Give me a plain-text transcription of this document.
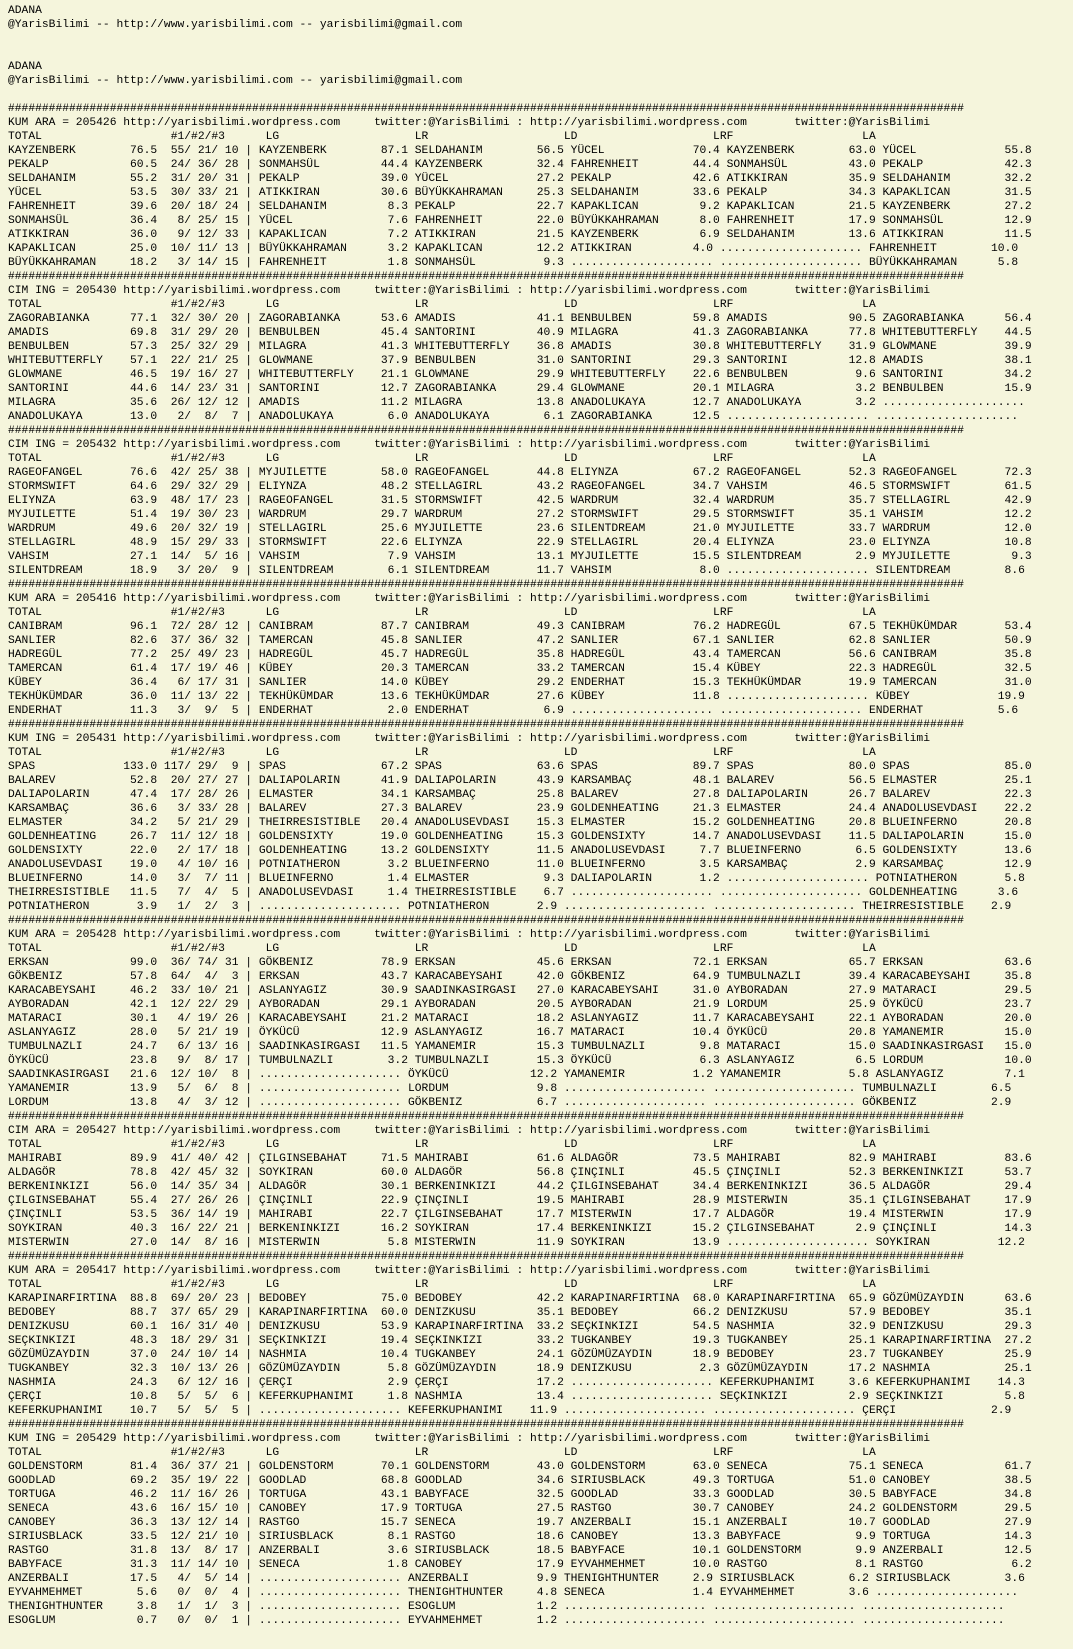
ADANA
@YarisBilimi -- http://www.yarisbilimi.com -- yarisbilimi@gmail.com
ADANA
@YarisBilimi -- http://www.yarisbilimi.com -- yarisbilimi@gmail.com
#############################################################################################################################################
KUM ARA = 205426 http://yarisbilimi.wordpress.com     twitter:@YarisBilimi : http://yarisbilimi.wordpress.com       twitter:@YarisBilimi
TOTAL                   #1/#2/#3      LG                    LR                    LD                    LRF                   LA
KAYZENBERK        76.5  55/ 21/ 10 | KAYZENBERK        87.1 SELDAHANIM        56.5 YÜCEL             70.4 KAYZENBERK        63.0 YÜCEL             55.8
PEKALP            60.5  24/ 36/ 28 | SONMAHSÜL         44.4 KAYZENBERK        32.4 FAHRENHEIT        44.4 SONMAHSÜL         43.0 PEKALP            42.3
SELDAHANIM        55.2  31/ 20/ 31 | PEKALP            39.0 YÜCEL             27.2 PEKALP            42.6 ATIKKIRAN         35.9 SELDAHANIM        32.2
YÜCEL             53.5  30/ 33/ 21 | ATIKKIRAN         30.6 BÜYÜKKAHRAMAN     25.3 SELDAHANIM        33.6 PEKALP            34.3 KAPAKLICAN        31.5
FAHRENHEIT        39.6  20/ 18/ 24 | SELDAHANIM         8.3 PEKALP            22.7 KAPAKLICAN         9.2 KAPAKLICAN        21.5 KAYZENBERK        27.2
SONMAHSÜL         36.4   8/ 25/ 15 | YÜCEL              7.6 FAHRENHEIT        22.0 BÜYÜKKAHRAMAN      8.0 FAHRENHEIT        17.9 SONMAHSÜL         12.9
ATIKKIRAN         36.0   9/ 12/ 33 | KAPAKLICAN         7.2 ATIKKIRAN         21.5 KAYZENBERK         6.9 SELDAHANIM        13.6 ATIKKIRAN         11.5
KAPAKLICAN        25.0  10/ 11/ 13 | BÜYÜKKAHRAMAN      3.2 KAPAKLICAN        12.2 ATIKKIRAN         4.0 ..................... FAHRENHEIT        10.0
BÜYÜKKAHRAMAN     18.2   3/ 14/ 15 | FAHRENHEIT         1.8 SONMAHSÜL          9.3 ..................... ..................... BÜYÜKKAHRAMAN      5.8
#############################################################################################################################################
CIM ING = 205430 http://yarisbilimi.wordpress.com     twitter:@YarisBilimi : http://yarisbilimi.wordpress.com       twitter:@YarisBilimi
TOTAL                   #1/#2/#3      LG                    LR                    LD                    LRF                   LA
ZAGORABIANKA      77.1  32/ 30/ 20 | ZAGORABIANKA      53.6 AMADIS            41.1 BENBULBEN         59.8 AMADIS            90.5 ZAGORABIANKA      56.4
AMADIS            69.8  31/ 29/ 20 | BENBULBEN         45.4 SANTORINI         40.9 MILAGRA           41.3 ZAGORABIANKA      77.8 WHITEBUTTERFLY    44.5
BENBULBEN         57.3  25/ 32/ 29 | MILAGRA           41.3 WHITEBUTTERFLY    36.8 AMADIS            30.8 WHITEBUTTERFLY    31.9 GLOWMANE          39.9
WHITEBUTTERFLY    57.1  22/ 21/ 25 | GLOWMANE          37.9 BENBULBEN         31.0 SANTORINI         29.3 SANTORINI         12.8 AMADIS            38.1
GLOWMANE          46.5  19/ 16/ 27 | WHITEBUTTERFLY    21.1 GLOWMANE          29.9 WHITEBUTTERFLY    22.6 BENBULBEN          9.6 SANTORINI         34.2
SANTORINI         44.6  14/ 23/ 31 | SANTORINI         12.7 ZAGORABIANKA      29.4 GLOWMANE          20.1 MILAGRA            3.2 BENBULBEN         15.9
MILAGRA           35.6  26/ 12/ 12 | AMADIS            11.2 MILAGRA           13.8 ANADOLUKAYA       12.7 ANADOLUKAYA        3.2 .....................
ANADOLUKAYA       13.0   2/  8/  7 | ANADOLUKAYA        6.0 ANADOLUKAYA        6.1 ZAGORABIANKA      12.5 ..................... .....................
#############################################################################################################################################
CIM ING = 205432 http://yarisbilimi.wordpress.com     twitter:@YarisBilimi : http://yarisbilimi.wordpress.com       twitter:@YarisBilimi
TOTAL                   #1/#2/#3      LG                    LR                    LD                    LRF                   LA
RAGEOFANGEL       76.6  42/ 25/ 38 | MYJUILETTE        58.0 RAGEOFANGEL       44.8 ELIYNZA           67.2 RAGEOFANGEL       52.3 RAGEOFANGEL       72.3
STORMSWIFT        64.6  29/ 32/ 29 | ELIYNZA           48.2 STELLAGIRL        43.2 RAGEOFANGEL       34.7 VAHSIM            46.5 STORMSWIFT        61.5
ELIYNZA           63.9  48/ 17/ 23 | RAGEOFANGEL       31.5 STORMSWIFT        42.5 WARDRUM           32.4 WARDRUM           35.7 STELLAGIRL        42.9
MYJUILETTE        51.4  19/ 30/ 23 | WARDRUM           29.7 WARDRUM           27.2 STORMSWIFT        29.5 STORMSWIFT        35.1 VAHSIM            12.2
WARDRUM           49.6  20/ 32/ 19 | STELLAGIRL        25.6 MYJUILETTE        23.6 SILENTDREAM       21.0 MYJUILETTE        33.7 WARDRUM           12.0
STELLAGIRL        48.9  15/ 29/ 33 | STORMSWIFT        22.6 ELIYNZA           22.9 STELLAGIRL        20.4 ELIYNZA           23.0 ELIYNZA           10.8
VAHSIM            27.1  14/  5/ 16 | VAHSIM             7.9 VAHSIM            13.1 MYJUILETTE        15.5 SILENTDREAM        2.9 MYJUILETTE         9.3
SILENTDREAM       18.9   3/ 20/  9 | SILENTDREAM        6.1 SILENTDREAM       11.7 VAHSIM             8.0 ..................... SILENTDREAM        8.6
#############################################################################################################################################
KUM ARA = 205416 http://yarisbilimi.wordpress.com     twitter:@YarisBilimi : http://yarisbilimi.wordpress.com       twitter:@YarisBilimi
TOTAL                   #1/#2/#3      LG                    LR                    LD                    LRF                   LA
CANIBRAM          96.1  72/ 28/ 12 | CANIBRAM          87.7 CANIBRAM          49.3 CANIBRAM          76.2 HADREGÜL          67.5 TEKHÜKÜMDAR       53.4
SANLIER           82.6  37/ 36/ 32 | TAMERCAN          45.8 SANLIER           47.2 SANLIER           67.1 SANLIER           62.8 SANLIER           50.9
HADREGÜL          77.2  25/ 49/ 23 | HADREGÜL          45.7 HADREGÜL          35.8 HADREGÜL          43.4 TAMERCAN          56.6 CANIBRAM          35.8
TAMERCAN          61.4  17/ 19/ 46 | KÜBEY             20.3 TAMERCAN          33.2 TAMERCAN          15.4 KÜBEY             22.3 HADREGÜL          32.5
KÜBEY             36.4   6/ 17/ 31 | SANLIER           14.0 KÜBEY             29.2 ENDERHAT          15.3 TEKHÜKÜMDAR       19.9 TAMERCAN          31.0
TEKHÜKÜMDAR       36.0  11/ 13/ 22 | TEKHÜKÜMDAR       13.6 TEKHÜKÜMDAR       27.6 KÜBEY             11.8 ..................... KÜBEY             19.9
ENDERHAT          11.3   3/  9/  5 | ENDERHAT           2.0 ENDERHAT           6.9 ..................... ..................... ENDERHAT           5.6
#############################################################################################################################################
KUM ING = 205431 http://yarisbilimi.wordpress.com     twitter:@YarisBilimi : http://yarisbilimi.wordpress.com       twitter:@YarisBilimi
TOTAL                   #1/#2/#3      LG                    LR                    LD                    LRF                   LA
SPAS             133.0 117/ 29/  9 | SPAS              67.2 SPAS              63.6 SPAS              89.7 SPAS              80.0 SPAS              85.0
BALAREV           52.8  20/ 27/ 27 | DALIAPOLARIN      41.9 DALIAPOLARIN      43.9 KARSAMBAÇ         48.1 BALAREV           56.5 ELMASTER          25.1
DALIAPOLARIN      47.4  17/ 28/ 26 | ELMASTER          34.1 KARSAMBAÇ         25.8 BALAREV           27.8 DALIAPOLARIN      26.7 BALAREV           22.3
KARSAMBAÇ         36.6   3/ 33/ 28 | BALAREV           27.3 BALAREV           23.9 GOLDENHEATING     21.3 ELMASTER          24.4 ANADOLUSEVDASI    22.2
ELMASTER          34.2   5/ 21/ 29 | THEIRRESISTIBLE   20.4 ANADOLUSEVDASI    15.3 ELMASTER          15.2 GOLDENHEATING     20.8 BLUEINFERNO       20.8
GOLDENHEATING     26.7  11/ 12/ 18 | GOLDENSIXTY       19.0 GOLDENHEATING     15.3 GOLDENSIXTY       14.7 ANADOLUSEVDASI    11.5 DALIAPOLARIN      15.0
GOLDENSIXTY       22.0   2/ 17/ 18 | GOLDENHEATING     13.2 GOLDENSIXTY       11.5 ANADOLUSEVDASI     7.7 BLUEINFERNO        6.5 GOLDENSIXTY       13.6
ANADOLUSEVDASI    19.0   4/ 10/ 16 | POTNIATHERON       3.2 BLUEINFERNO       11.0 BLUEINFERNO        3.5 KARSAMBAÇ          2.9 KARSAMBAÇ         12.9
BLUEINFERNO       14.0   3/  7/ 11 | BLUEINFERNO        1.4 ELMASTER           9.3 DALIAPOLARIN       1.2 ..................... POTNIATHERON       5.8
THEIRRESISTIBLE   11.5   7/  4/  5 | ANADOLUSEVDASI     1.4 THEIRRESISTIBLE    6.7 ..................... ..................... GOLDENHEATING      3.6
POTNIATHERON       3.9   1/  2/  3 | ..................... POTNIATHERON       2.9 ..................... ..................... THEIRRESISTIBLE    2.9
#############################################################################################################################################
KUM ARA = 205428 http://yarisbilimi.wordpress.com     twitter:@YarisBilimi : http://yarisbilimi.wordpress.com       twitter:@YarisBilimi
TOTAL                   #1/#2/#3      LG                    LR                    LD                    LRF                   LA
ERKSAN            99.0  36/ 74/ 31 | GÖKBENIZ          78.9 ERKSAN            45.6 ERKSAN            72.1 ERKSAN            65.7 ERKSAN            63.6
GÖKBENIZ          57.8  64/  4/  3 | ERKSAN            43.7 KARACABEYSAHI     42.0 GÖKBENIZ          64.9 TUMBULNAZLI       39.4 KARACABEYSAHI     35.8
KARACABEYSAHI     46.2  33/ 10/ 21 | ASLANYAGIZ        30.9 SAADINKASIRGASI   27.0 KARACABEYSAHI     31.0 AYBORADAN         27.9 MATARACI          29.5
AYBORADAN         42.1  12/ 22/ 29 | AYBORADAN         29.1 AYBORADAN         20.5 AYBORADAN         21.9 LORDUM            25.9 ÖYKÜCÜ            23.7
MATARACI          30.1   4/ 19/ 26 | KARACABEYSAHI     21.2 MATARACI          18.2 ASLANYAGIZ        11.7 KARACABEYSAHI     22.1 AYBORADAN         20.0
ASLANYAGIZ        28.0   5/ 21/ 19 | ÖYKÜCÜ            12.9 ASLANYAGIZ        16.7 MATARACI          10.4 ÖYKÜCÜ            20.8 YAMANEMIR         15.0
TUMBULNAZLI       24.7   6/ 13/ 16 | SAADINKASIRGASI   11.5 YAMANEMIR         15.3 TUMBULNAZLI        9.8 MATARACI          15.0 SAADINKASIRGASI   15.0
ÖYKÜCÜ            23.8   9/  8/ 17 | TUMBULNAZLI        3.2 TUMBULNAZLI       15.3 ÖYKÜCÜ             6.3 ASLANYAGIZ         6.5 LORDUM            10.0
SAADINKASIRGASI   21.6  12/ 10/  8 | ..................... ÖYKÜCÜ            12.2 YAMANEMIR          1.2 YAMANEMIR          5.8 ASLANYAGIZ         7.1
YAMANEMIR         13.9   5/  6/  8 | ..................... LORDUM             9.8 ..................... ..................... TUMBULNAZLI        6.5
LORDUM            13.8   4/  3/ 12 | ..................... GÖKBENIZ           6.7 ..................... ..................... GÖKBENIZ           2.9
#############################################################################################################################################
CIM ARA = 205427 http://yarisbilimi.wordpress.com     twitter:@YarisBilimi : http://yarisbilimi.wordpress.com       twitter:@YarisBilimi
TOTAL                   #1/#2/#3      LG                    LR                    LD                    LRF                   LA
MAHIRABI          89.9  41/ 40/ 42 | ÇILGINSEBAHAT     71.5 MAHIRABI          61.6 ALDAGÖR           73.5 MAHIRABI          82.9 MAHIRABI          83.6
ALDAGÖR           78.8  42/ 45/ 32 | SOYKIRAN          60.0 ALDAGÖR           56.8 ÇINÇINLI          45.5 ÇINÇINLI          52.3 BERKENINKIZI      53.7
BERKENINKIZI      56.0  14/ 35/ 34 | ALDAGÖR           30.1 BERKENINKIZI      44.2 ÇILGINSEBAHAT     34.4 BERKENINKIZI      36.5 ALDAGÖR           29.4
ÇILGINSEBAHAT     55.4  27/ 26/ 26 | ÇINÇINLI          22.9 ÇINÇINLI          19.5 MAHIRABI          28.9 MISTERWIN         35.1 ÇILGINSEBAHAT     17.9
ÇINÇINLI          53.5  36/ 14/ 19 | MAHIRABI          22.7 ÇILGINSEBAHAT     17.7 MISTERWIN         17.7 ALDAGÖR           19.4 MISTERWIN         17.9
SOYKIRAN          40.3  16/ 22/ 21 | BERKENINKIZI      16.2 SOYKIRAN          17.4 BERKENINKIZI      15.2 ÇILGINSEBAHAT      2.9 ÇINÇINLI          14.3
MISTERWIN         27.0  14/  8/ 16 | MISTERWIN          5.8 MISTERWIN         11.9 SOYKIRAN          13.9 ..................... SOYKIRAN          12.2
#############################################################################################################################################
KUM ARA = 205417 http://yarisbilimi.wordpress.com     twitter:@YarisBilimi : http://yarisbilimi.wordpress.com       twitter:@YarisBilimi
TOTAL                   #1/#2/#3      LG                    LR                    LD                    LRF                   LA
KARAPINARFIRTINA  88.8  69/ 20/ 23 | BEDOBEY           75.0 BEDOBEY           42.2 KARAPINARFIRTINA  68.0 KARAPINARFIRTINA  65.9 GÖZÜMÜZAYDIN      63.6
BEDOBEY           88.7  37/ 65/ 29 | KARAPINARFIRTINA  60.0 DENIZKUSU         35.1 BEDOBEY           66.2 DENIZKUSU         57.9 BEDOBEY           35.1
DENIZKUSU         60.1  16/ 31/ 40 | DENIZKUSU         53.9 KARAPINARFIRTINA  33.2 SEÇKINKIZI        54.5 NASHMIA           32.9 DENIZKUSU         29.3
SEÇKINKIZI        48.3  18/ 29/ 31 | SEÇKINKIZI        19.4 SEÇKINKIZI        33.2 TUGKANBEY         19.3 TUGKANBEY         25.1 KARAPINARFIRTINA  27.2
GÖZÜMÜZAYDIN      37.0  24/ 10/ 14 | NASHMIA           10.4 TUGKANBEY         24.1 GÖZÜMÜZAYDIN      18.9 BEDOBEY           23.7 TUGKANBEY         25.9
TUGKANBEY         32.3  10/ 13/ 26 | GÖZÜMÜZAYDIN       5.8 GÖZÜMÜZAYDIN      18.9 DENIZKUSU          2.3 GÖZÜMÜZAYDIN      17.2 NASHMIA           25.1
NASHMIA           24.3   6/ 12/ 16 | ÇERÇI              2.9 ÇERÇI             17.2 ..................... KEFERKUPHANIMI     3.6 KEFERKUPHANIMI    14.3
ÇERÇI             10.8   5/  5/  6 | KEFERKUPHANIMI     1.8 NASHMIA           13.4 ..................... SEÇKINKIZI         2.9 SEÇKINKIZI         5.8
KEFERKUPHANIMI    10.7   5/  5/  5 | ..................... KEFERKUPHANIMI    11.9 ..................... ..................... ÇERÇI              2.9
#############################################################################################################################################
KUM ING = 205429 http://yarisbilimi.wordpress.com     twitter:@YarisBilimi : http://yarisbilimi.wordpress.com       twitter:@YarisBilimi
TOTAL                   #1/#2/#3      LG                    LR                    LD                    LRF                   LA
GOLDENSTORM       81.4  36/ 37/ 21 | GOLDENSTORM       70.1 GOLDENSTORM       43.0 GOLDENSTORM       63.0 SENECA            75.1 SENECA            61.7
GOODLAD           69.2  35/ 19/ 22 | GOODLAD           68.8 GOODLAD           34.6 SIRIUSBLACK       49.3 TORTUGA           51.0 CANOBEY           38.5
TORTUGA           46.2  11/ 16/ 26 | TORTUGA           43.1 BABYFACE          32.5 GOODLAD           33.3 GOODLAD           30.5 BABYFACE          34.8
SENECA            43.6  16/ 15/ 10 | CANOBEY           17.9 TORTUGA           27.5 RASTGO            30.7 CANOBEY           24.2 GOLDENSTORM       29.5
CANOBEY           36.3  13/ 12/ 14 | RASTGO            15.7 SENECA            19.7 ANZERBALI         15.1 ANZERBALI         10.7 GOODLAD           27.9
SIRIUSBLACK       33.5  12/ 21/ 10 | SIRIUSBLACK        8.1 RASTGO            18.6 CANOBEY           13.3 BABYFACE           9.9 TORTUGA           14.3
RASTGO            31.8  13/  8/ 17 | ANZERBALI          3.6 SIRIUSBLACK       18.5 BABYFACE          10.1 GOLDENSTORM        9.9 ANZERBALI         12.5
BABYFACE          31.3  11/ 14/ 10 | SENECA             1.8 CANOBEY           17.9 EYVAHMEHMET       10.0 RASTGO             8.1 RASTGO             6.2
ANZERBALI         17.5   4/  5/ 14 | ..................... ANZERBALI          9.9 THENIGHTHUNTER     2.9 SIRIUSBLACK        6.2 SIRIUSBLACK        3.6
EYVAHMEHMET        5.6   0/  0/  4 | ..................... THENIGHTHUNTER     4.8 SENECA             1.4 EYVAHMEHMET        3.6 .....................
THENIGHTHUNTER     3.8   1/  1/  3 | ..................... ESOGLUM            1.2 ..................... ..................... .....................
ESOGLUM            0.7   0/  0/  1 | ..................... EYVAHMEHMET        1.2 ..................... ..................... .....................
